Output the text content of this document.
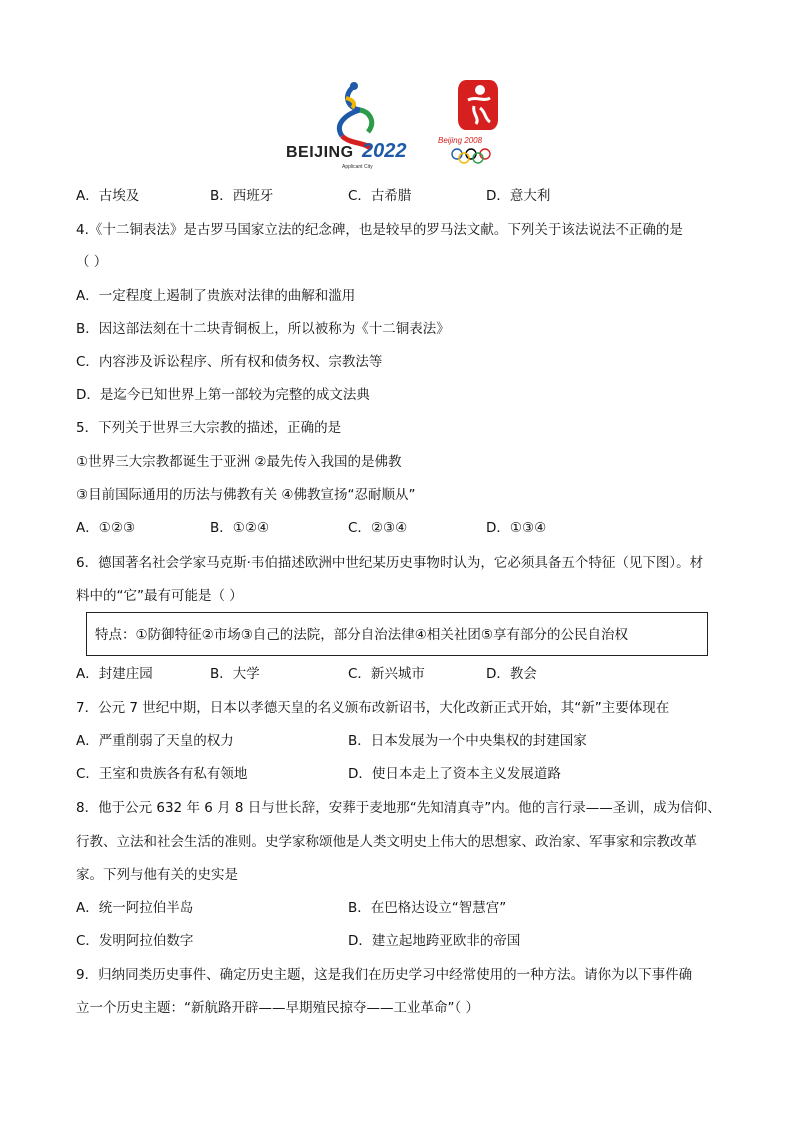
BEIJING 2022
Applicant City
Beijing 2008
A．古埃及	B．西班牙	C．古希腊	D．意大利
4.《十二铜表法》是古罗马国家立法的纪念碑，也是较早的罗马法文献。下列关于该法说法不正确的是
（ ）
A．一定程度上遏制了贵族对法律的曲解和滥用
B．因这部法刻在十二块青铜板上，所以被称为《十二铜表法》
C．内容涉及诉讼程序、所有权和债务权、宗教法等
D．是迄今已知世界上第一部较为完整的成文法典
5．下列关于世界三大宗教的描述，正确的是
①世界三大宗教都诞生于亚洲 ②最先传入我国的是佛教
③目前国际通用的历法与佛教有关 ④佛教宣扬“忍耐顺从”
A．①②③	B．①②④	C．②③④	D．①③④
6．德国著名社会学家马克斯·韦伯描述欧洲中世纪某历史事物时认为，它必须具备五个特征（见下图）。材
料中的“它”最有可能是（ ）
特点：①防御特征②市场③自己的法院，部分自治法律④相关社团⑤享有部分的公民自治权
A．封建庄园	B．大学	C．新兴城市	D．教会
7．公元 7 世纪中期，日本以孝德天皇的名义颁布改新诏书，大化改新正式开始，其“新”主要体现在
A．严重削弱了天皇的权力	B．日本发展为一个中央集权的封建国家
C．王室和贵族各有私有领地	D．使日本走上了资本主义发展道路
8．他于公元 632 年 6 月 8 日与世长辞，安葬于麦地那“先知清真寺”内。他的言行录——圣训，成为信仰、
行教、立法和社会生活的准则。史学家称颂他是人类文明史上伟大的思想家、政治家、军事家和宗教改革
家。下列与他有关的史实是
A．统一阿拉伯半岛	B．在巴格达设立“智慧宫”
C．发明阿拉伯数字	D．建立起地跨亚欧非的帝国
9．归纳同类历史事件、确定历史主题，这是我们在历史学习中经常使用的一种方法。请你为以下事件确
立一个历史主题：“新航路开辟——早期殖民掠夺——工业革命”（ ）
